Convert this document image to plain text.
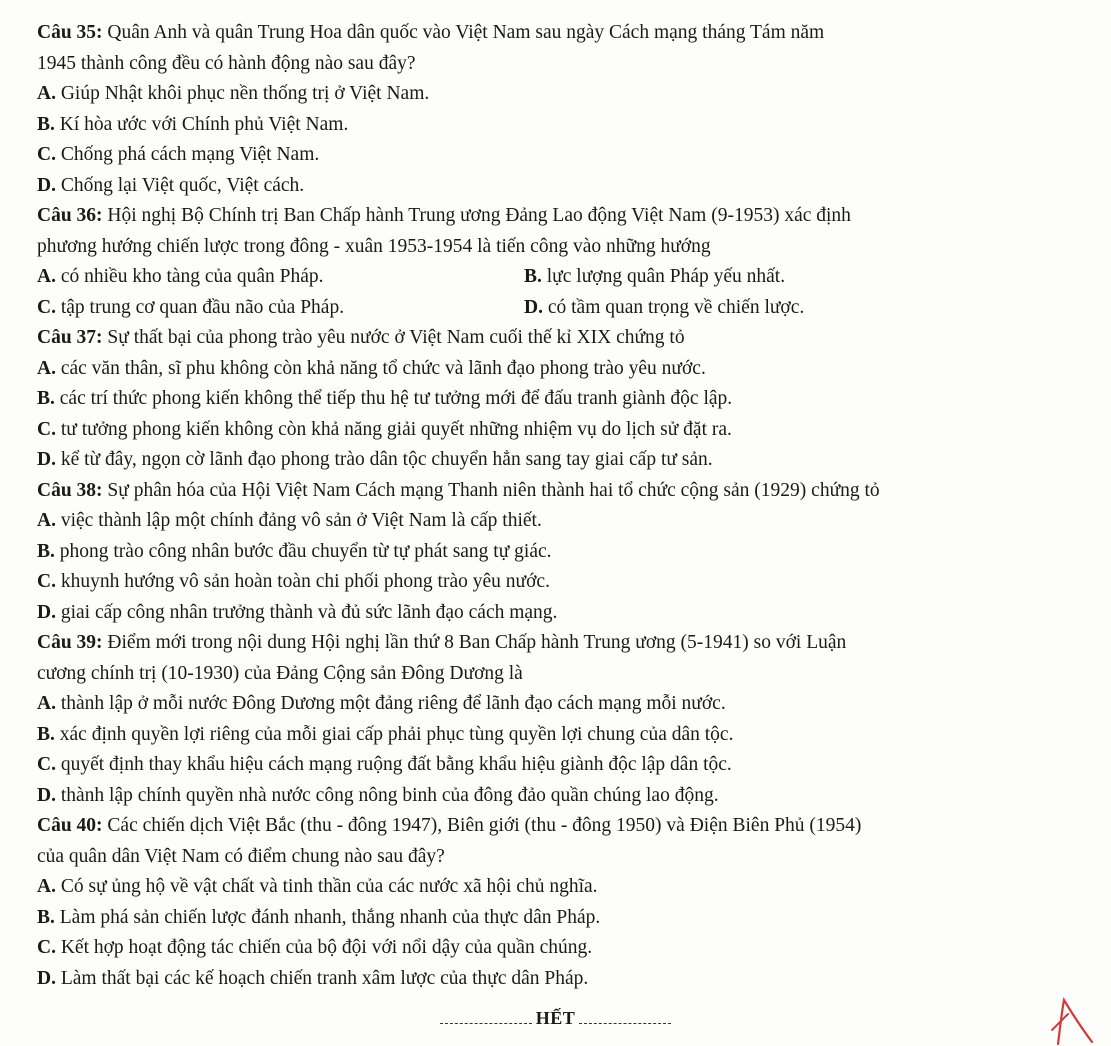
Câu 35: Quân Anh và quân Trung Hoa dân quốc vào Việt Nam sau ngày Cách mạng tháng Tám năm
1945 thành công đều có hành động nào sau đây?
A. Giúp Nhật khôi phục nền thống trị ở Việt Nam.
B. Kí hòa ước với Chính phủ Việt Nam.
C. Chống phá cách mạng Việt Nam.
D. Chống lại Việt quốc, Việt cách.
Câu 36: Hội nghị Bộ Chính trị Ban Chấp hành Trung ương Đảng Lao động Việt Nam (9-1953) xác định
phương hướng chiến lược trong đông - xuân 1953-1954 là tiến công vào những hướng
A. có nhiều kho tàng của quân Pháp.	B. lực lượng quân Pháp yếu nhất.
C. tập trung cơ quan đầu não của Pháp.	D. có tầm quan trọng về chiến lược.
Câu 37: Sự thất bại của phong trào yêu nước ở Việt Nam cuối thế kỉ XIX chứng tỏ
A. các văn thân, sĩ phu không còn khả năng tổ chức và lãnh đạo phong trào yêu nước.
B. các trí thức phong kiến không thể tiếp thu hệ tư tưởng mới để đấu tranh giành độc lập.
C. tư tưởng phong kiến không còn khả năng giải quyết những nhiệm vụ do lịch sử đặt ra.
D. kể từ đây, ngọn cờ lãnh đạo phong trào dân tộc chuyển hẳn sang tay giai cấp tư sản.
Câu 38: Sự phân hóa của Hội Việt Nam Cách mạng Thanh niên thành hai tổ chức cộng sản (1929) chứng tỏ
A. việc thành lập một chính đảng vô sản ở Việt Nam là cấp thiết.
B. phong trào công nhân bước đầu chuyển từ tự phát sang tự giác.
C. khuynh hướng vô sản hoàn toàn chi phối phong trào yêu nước.
D. giai cấp công nhân trưởng thành và đủ sức lãnh đạo cách mạng.
Câu 39: Điểm mới trong nội dung Hội nghị lần thứ 8 Ban Chấp hành Trung ương (5-1941) so với Luận
cương chính trị (10-1930) của Đảng Cộng sản Đông Dương là
A. thành lập ở mỗi nước Đông Dương một đảng riêng để lãnh đạo cách mạng mỗi nước.
B. xác định quyền lợi riêng của mỗi giai cấp phải phục tùng quyền lợi chung của dân tộc.
C. quyết định thay khẩu hiệu cách mạng ruộng đất bằng khẩu hiệu giành độc lập dân tộc.
D. thành lập chính quyền nhà nước công nông binh của đông đảo quần chúng lao động.
Câu 40: Các chiến dịch Việt Bắc (thu - đông 1947), Biên giới (thu - đông 1950) và Điện Biên Phủ (1954)
của quân dân Việt Nam có điểm chung nào sau đây?
A. Có sự ủng hộ về vật chất và tinh thần của các nước xã hội chủ nghĩa.
B. Làm phá sản chiến lược đánh nhanh, thắng nhanh của thực dân Pháp.
C. Kết hợp hoạt động tác chiến của bộ đội với nổi dậy của quần chúng.
D. Làm thất bại các kế hoạch chiến tranh xâm lược của thực dân Pháp.
HẾT
